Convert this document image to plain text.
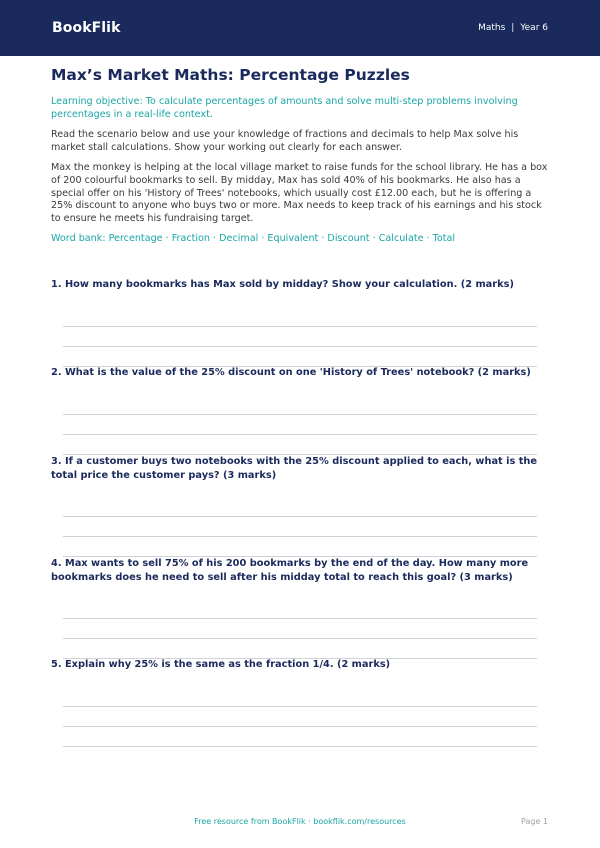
BookFlik	Maths | Year 6
Max’s Market Maths: Percentage Puzzles

Learning objective: To calculate percentages of amounts and solve multi-step problems involving percentages in a real-life context.

Read the scenario below and use your knowledge of fractions and decimals to help Max solve his market stall calculations. Show your working out clearly for each answer.

Max the monkey is helping at the local village market to raise funds for the school library. He has a box of 200 colourful bookmarks to sell. By midday, Max has sold 40% of his bookmarks. He also has a special offer on his 'History of Trees' notebooks, which usually cost £12.00 each, but he is offering a 25% discount to anyone who buys two or more. Max needs to keep track of his earnings and his stock to ensure he meets his fundraising target.

Word bank: Percentage · Fraction · Decimal · Equivalent · Discount · Calculate · Total

1. How many bookmarks has Max sold by midday? Show your calculation. (2 marks)
2. What is the value of the 25% discount on one 'History of Trees' notebook? (2 marks)
3. If a customer buys two notebooks with the 25% discount applied to each, what is the total price the customer pays? (3 marks)
4. Max wants to sell 75% of his 200 bookmarks by the end of the day. How many more bookmarks does he need to sell after his midday total to reach this goal? (3 marks)
5. Explain why 25% is the same as the fraction 1/4. (2 marks)
Free resource from BookFlik · bookflik.com/resources	Page 1
